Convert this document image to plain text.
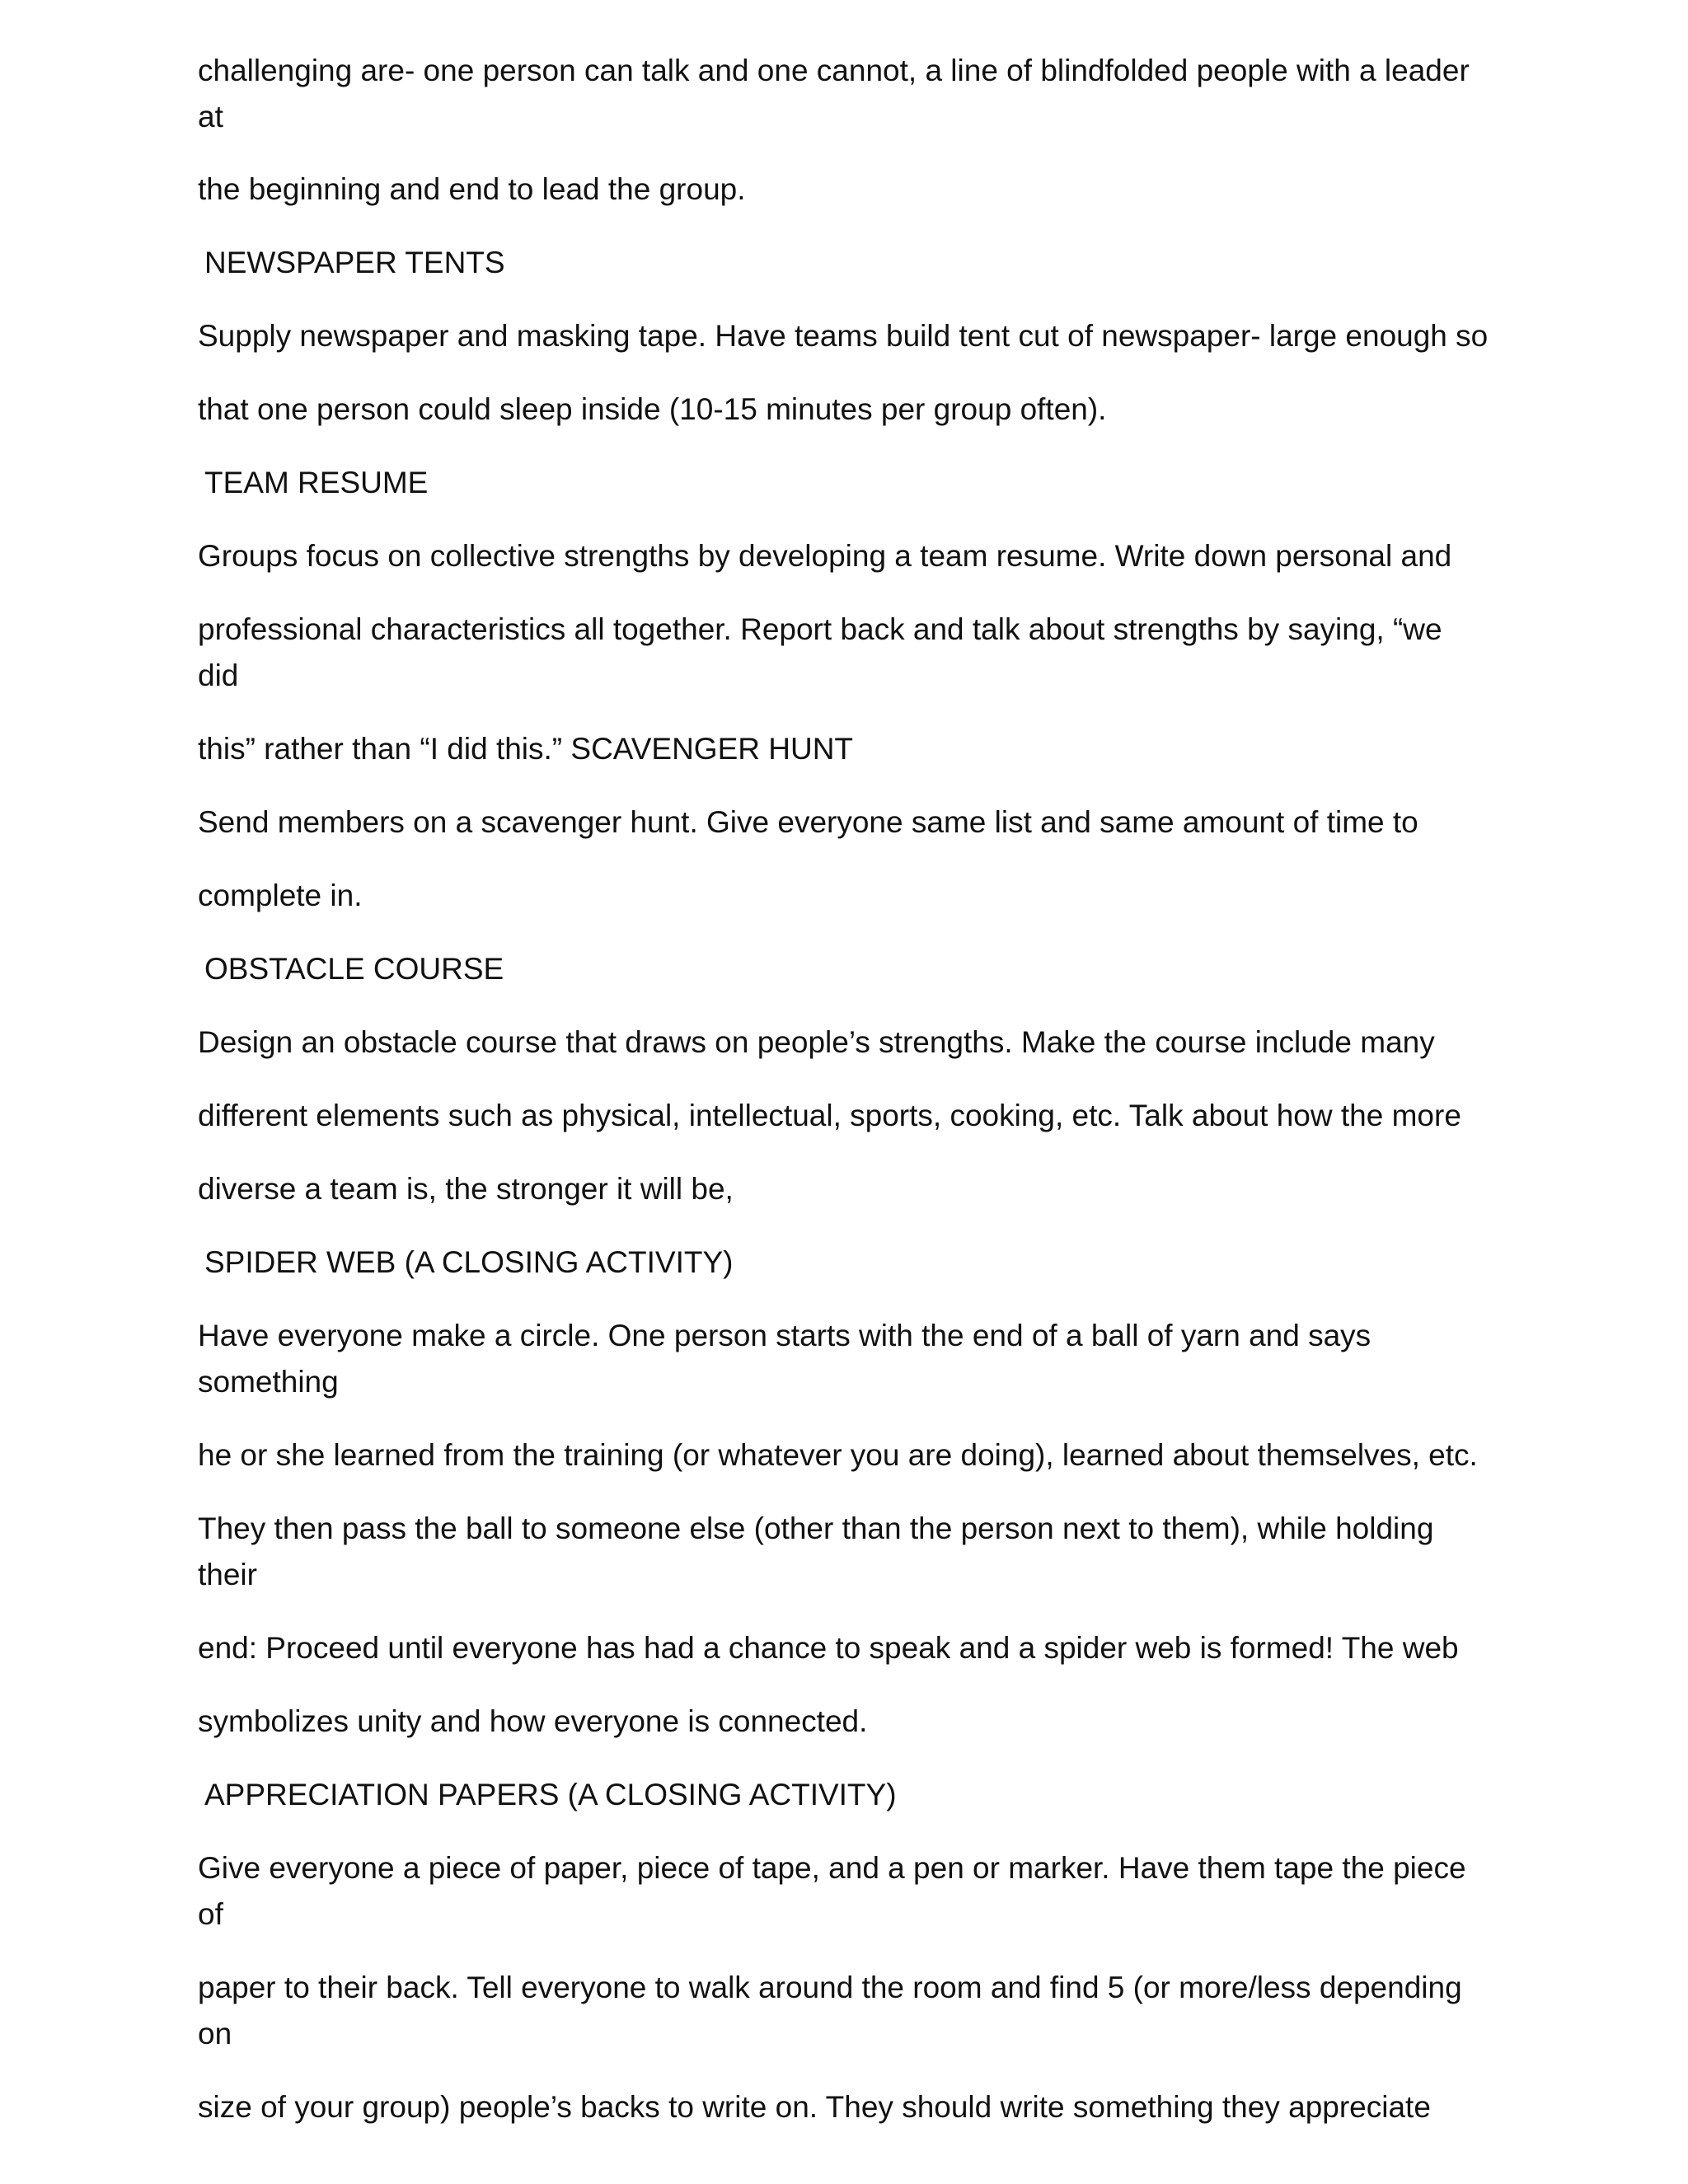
challenging are- one person can talk and one cannot, a line of blindfolded people with a leader

at

the beginning and end to lead the group.

NEWSPAPER TENTS

Supply newspaper and masking tape. Have teams build tent cut of newspaper- large enough so

that one person could sleep inside (10-15 minutes per group often).

TEAM RESUME

Groups focus on collective strengths by developing a team resume. Write down personal and

professional characteristics all together. Report back and talk about strengths by saying, “we

did

this” rather than “I did this.” SCAVENGER HUNT

Send members on a scavenger hunt. Give everyone same list and same amount of time to

complete in.

OBSTACLE COURSE

Design an obstacle course that draws on people’s strengths. Make the course include many

different elements such as physical, intellectual, sports, cooking, etc. Talk about how the more

diverse a team is, the stronger it will be,

SPIDER WEB (A CLOSING ACTIVITY)

Have everyone make a circle. One person starts with the end of a ball of yarn and says

something

he or she learned from the training (or whatever you are doing), learned about themselves, etc.

They then pass the ball to someone else (other than the person next to them), while holding

their

end: Proceed until everyone has had a chance to speak and a spider web is formed! The web

symbolizes unity and how everyone is connected.

APPRECIATION PAPERS (A CLOSING ACTIVITY)

Give everyone a piece of paper, piece of tape, and a pen or marker. Have them tape the piece

of

paper to their back. Tell everyone to walk around the room and find 5 (or more/less depending

on

size of your group) people’s backs to write on. They should write something they appreciate
